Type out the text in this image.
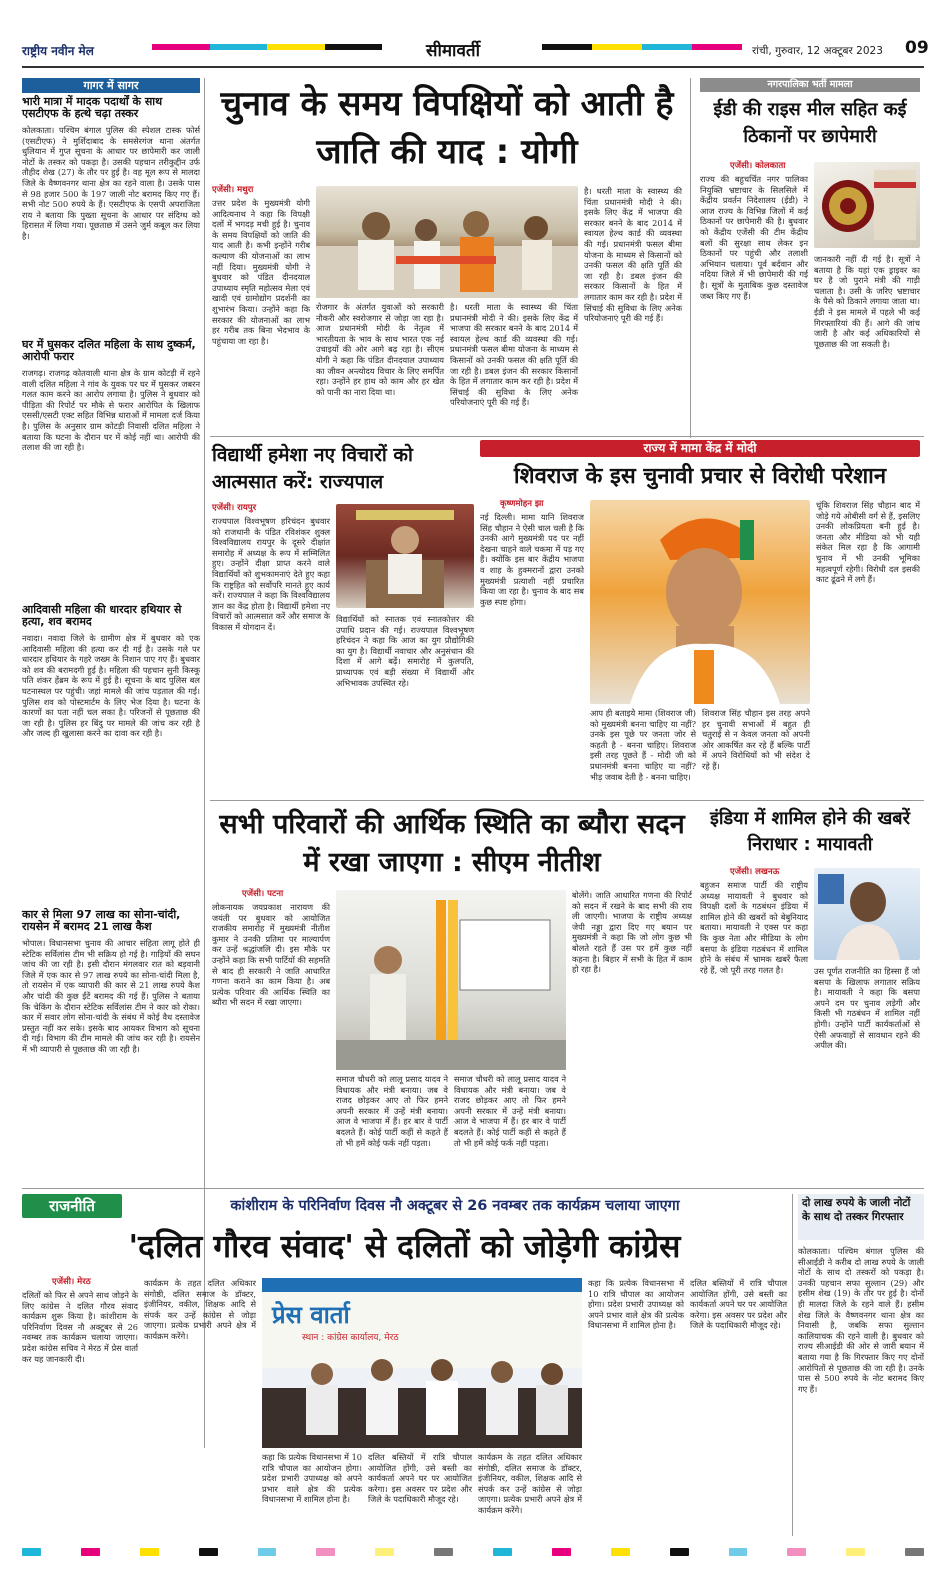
राष्ट्रीय नवीन मेल	सीमावर्ती	रांची, गुरुवार, 12 अक्टूबर 2023 09
गागर में सागर
भारी मात्रा में मादक पदार्थों के साथ एसटीएफ के हत्थे चढ़ा तस्कर
कोलकाता। पश्चिम बंगाल पुलिस की स्पेशल टास्क फोर्स (एसटीएफ) ने मुर्शिदाबाद के समसेरगंज थाना अंतर्गत धुलियान में गुप्त सूचना के आधार पर छापेमारी कर जाली नोटों के तस्कर को पकड़ा है। उसकी पहचान तरीकुद्दीन उर्फ तौहीद शेख (27) के तौर पर हुई है। वह मूल रूप से मालदा जिले के वैष्णवनगर थाना क्षेत्र का रहने वाला है। उसके पास से 98 हजार 500 के 197 जाली नोट बरामद किए गए हैं। सभी नोट 500 रुपये के हैं। एसटीएफ के एसपी अपराजिता राय ने बताया कि पुख्ता सूचना के आधार पर संदिग्ध को हिरासत में लिया गया। पूछताछ में उसने जुर्म कबूल कर लिया है।
घर में घुसकर दलित महिला के साथ दुष्कर्म, आरोपी फरार
राजगढ़। राजगढ़ कोतवाली थाना क्षेत्र के ग्राम कोटड़ी में रहने वाली दलित महिला ने गांव के युवक पर घर में घुसकर जबरन गलत काम करने का आरोप लगाया है। पुलिस ने बुधवार को पीड़िता की रिपोर्ट पर मौके से फरार आरोपित के खिलाफ एससी/एसटी एक्ट सहित विभिन्न धाराओं में मामला दर्ज किया है। पुलिस के अनुसार ग्राम कोटड़ी निवासी दलित महिला ने बताया कि घटना के दौरान घर में कोई नहीं था। आरोपी की तलाश की जा रही है।
आदिवासी महिला की धारदार हथियार से हत्या, शव बरामद
नवादा। नवादा जिले के ग्रामीण क्षेत्र में बुधवार को एक आदिवासी महिला की हत्या कर दी गई है। उसके गले पर धारदार हथियार के गहरे जख्म के निशान पाए गए हैं। बुधवार को शव की बरामदगी हुई है। महिला की पहचान सुनी किस्कू पति शंकर हेंब्रम के रूप में हुई है। सूचना के बाद पुलिस बल घटनास्थल पर पहुंची। जहां मामले की जांच पड़ताल की गई। पुलिस शव को पोस्टमार्टम के लिए भेज दिया है। घटना के कारणों का पता नहीं चल सका है। परिजनों से पूछताछ की जा रही है। पुलिस हर बिंदु पर मामले की जांच कर रही है और जल्द ही खुलासा करने का दावा कर रही है।
कार से मिला 97 लाख का सोना-चांदी, रायसेन में बरामद 21 लाख कैश
भोपाल। विधानसभा चुनाव की आचार संहिता लागू होते ही स्टेटिक सर्विलांस टीम भी सक्रिय हो गई है। गाड़ियों की सघन जांच की जा रही है। इसी दौरान मंगलवार रात को बड़वानी जिले में एक कार से 97 लाख रुपये का सोना-चांदी मिला है, तो रायसेन में एक व्यापारी की कार से 21 लाख रुपये कैश और चांदी की कुछ ईंटें बरामद की गई हैं। पुलिस ने बताया कि चेकिंग के दौरान स्टेटिक सर्विलांस टीम ने कार को रोका। कार में सवार लोग सोना-चांदी के संबंध में कोई वैध दस्तावेज प्रस्तुत नहीं कर सके। इसके बाद आयकर विभाग को सूचना दी गई। विभाग की टीम मामले की जांच कर रही है। रायसेन में भी व्यापारी से पूछताछ की जा रही है।
चुनाव के समय विपक्षियों को आती है जाति की याद : योगी
एजेंसी। मथुरा
उत्तर प्रदेश के मुख्यमंत्री योगी आदित्यनाथ ने कहा कि विपक्षी दलों में भगदड़ मची हुई है। चुनाव के समय विपक्षियों को जाति की याद आती है। कभी इन्होंने गरीब कल्याण की योजनाओं का लाभ नहीं दिया। मुख्यमंत्री योगी ने बुधवार को पंडित दीनदयाल उपाध्याय स्मृति महोत्सव मेला एवं खादी एवं ग्रामोद्योग प्रदर्शनी का शुभारंभ किया। उन्होंने कहा कि सरकार की योजनाओं का लाभ हर गरीब तक बिना भेदभाव के पहुंचाया जा रहा है।
रोजगार के अंतर्गत युवाओं को सरकारी नौकरी और स्वरोजगार से जोड़ा जा रहा है। आज प्रधानमंत्री मोदी के नेतृत्व में भारतीयता के भाव के साथ भारत एक नई उचाइयों की ओर आगे बढ़ रहा है। सीएम योगी ने कहा कि पंडित दीनदयाल उपाध्याय का जीवन अन्त्योदय विचार के लिए समर्पित रहा। उन्होंने हर हाथ को काम और हर खेत को पानी का नारा दिया था।
है। धरती माता के स्वास्थ्य की चिंता प्रधानमंत्री मोदी ने की। इसके लिए केंद्र में भाजपा की सरकार बनने के बाद 2014 में स्वायल हेल्थ कार्ड की व्यवस्था की गई। प्रधानमंत्री फसल बीमा योजना के माध्यम से किसानों को उनकी फसल की क्षति पूर्ति की जा रही है। डबल इंजन की सरकार किसानों के हित में लगातार काम कर रही है। प्रदेश में सिंचाई की सुविधा के लिए अनेक परियोजनाएं पूरी की गई हैं।
है। धरती माता के स्वास्थ्य की चिंता प्रधानमंत्री मोदी ने की। इसके लिए केंद्र में भाजपा की सरकार बनने के बाद 2014 में स्वायल हेल्थ कार्ड की व्यवस्था की गई। प्रधानमंत्री फसल बीमा योजना के माध्यम से किसानों को उनकी फसल की क्षति पूर्ति की जा रही है। डबल इंजन की सरकार किसानों के हित में लगातार काम कर रही है। प्रदेश में सिंचाई की सुविधा के लिए अनेक परियोजनाएं पूरी की गई हैं।
नगरपालिका भर्ती मामला
ईडी की राइस मील सहित कई ठिकानों पर छापेमारी
एजेंसी। कोलकाता
राज्य की बहुचर्चित नगर पालिका नियुक्ति भ्रष्टाचार के सिलसिले में केंद्रीय प्रवर्तन निदेशालय (ईडी) ने आज राज्य के विभिन्न जिलों में कई ठिकानों पर छापेमारी की है। बुधवार को केंद्रीय एजेंसी की टीम केंद्रीय बलों की सुरक्षा साथ लेकर इन ठिकानों पर पहुंची और तलाशी अभियान चलाया। पूर्व बर्दवान और नदिया जिले में भी छापेमारी की गई है। सूत्रों के मुताबिक कुछ दस्तावेज जब्त किए गए हैं।
जानकारी नहीं दी गई है। सूत्रों ने बताया है कि यहां एक ड्राइवर का घर है जो पुराने मंत्री की गाड़ी चलाता है। उसी के जरिए भ्रष्टाचार के पैसे को ठिकाने लगाया जाता था। ईडी ने इस मामले में पहले भी कई गिरफ्तारियां की हैं। आगे की जांच जारी है और कई अधिकारियों से पूछताछ की जा सकती है।
विद्यार्थी हमेशा नए विचारों को आत्मसात करें: राज्यपाल
एजेंसी। रायपुर
राज्यपाल विश्वभूषण हरिचंदन बुधवार को राजधानी के पंडित रविशंकर शुक्ल विश्वविद्यालय रायपुर के दूसरे दीक्षांत समारोह में अध्यक्ष के रूप में सम्मिलित हुए। उन्होंने दीक्षा प्राप्त करने वाले विद्यार्थियों को शुभकामनाएं देते हुए कहा कि राष्ट्रहित को सर्वोपरि मानते हुए कार्य करें। राज्यपाल ने कहा कि विश्वविद्यालय ज्ञान का केंद्र होता है। विद्यार्थी हमेशा नए विचारों को आत्मसात करें और समाज के विकास में योगदान दें।
विद्यार्थियों को स्नातक एवं स्नातकोत्तर की उपाधि प्रदान की गई। राज्यपाल विश्वभूषण हरिचंदन ने कहा कि आज का युग प्रौद्योगिकी का युग है। विद्यार्थी नवाचार और अनुसंधान की दिशा में आगे बढ़ें। समारोह में कुलपति, प्राध्यापक एवं बड़ी संख्या में विद्यार्थी और अभिभावक उपस्थित रहे।
राज्य में मामा केंद्र में मोदी
शिवराज के इस चुनावी प्रचार से विरोधी परेशान
कृष्णमोहन झा
नई दिल्ली। मामा यानि शिवराज सिंह चौहान ने ऐसी चाल चली है कि उनकी आगे मुख्यमंत्री पद पर नहीं देखना चाहने वाले चकमा में पड़ गए हैं। क्योंकि इस बार केंद्रीय भाजपा व शाह के हुक्मरानों द्वारा उनको मुख्यमंत्री प्रत्याशी नहीं प्रचारित किया जा रहा है। चुनाव के बाद सब कुछ स्पष्ट होगा।
आप ही बताइये मामा (शिवराज जी) को मुख्यमंत्री बनना चाहिए या नहीं? उनके इस पूछे पर जनता जोर से कहती है - बनना चाहिए। शिवराज इसी तरह पूछते हैं - मोदी जी को प्रधानमंत्री बनना चाहिए या नहीं? भीड़ जवाब देती है - बनना चाहिए।
शिवराज सिंह चौहान इस तरह अपने हर चुनावी सभाओं में बहुत ही चतुराई से न केवल जनता को अपनी ओर आकर्षित कर रहे हैं बल्कि पार्टी में अपने विरोधियों को भी संदेश दे रहे हैं।
चूंकि शिवराज सिंह चौहान बाद में जोड़े गये ओबीसी वर्ग से हैं, इसलिए उनकी लोकप्रियता बनी हुई है। जनता और मीडिया को भी यही संकेत मिल रहा है कि आगामी चुनाव में भी उनकी भूमिका महत्वपूर्ण रहेगी। विरोधी दल इसकी काट ढूंढने में लगे हैं।
सभी परिवारों की आर्थिक स्थिति का ब्यौरा सदन में रखा जाएगा : सीएम नीतीश
एजेंसी। पटना
लोकनायक जयप्रकाश नारायण की जयंती पर बुधवार को आयोजित राजकीय समारोह में मुख्यमंत्री नीतीश कुमार ने उनकी प्रतिमा पर माल्यार्पण कर उन्हें श्रद्धांजलि दी। इस मौके पर उन्होंने कहा कि सभी पार्टियों की सहमति से बाद ही सरकारी ने जाति आधारित गणना कराने का काम किया है। अब प्रत्येक परिवार की आर्थिक स्थिति का ब्यौरा भी सदन में रखा जाएगा।
समाज चौधरी को लालू प्रसाद यादव ने विधायक और मंत्री बनाया। जब वे राजद छोड़कर आए तो फिर हमने अपनी सरकार में उन्हें मंत्री बनाया। आज वे भाजपा में हैं। हर बार वे पार्टी बदलते हैं। कोई पार्टी कहीं से कहते हैं तो भी हमें कोई फर्क नहीं पड़ता।
समाज चौधरी को लालू प्रसाद यादव ने विधायक और मंत्री बनाया। जब वे राजद छोड़कर आए तो फिर हमने अपनी सरकार में उन्हें मंत्री बनाया। आज वे भाजपा में हैं। हर बार वे पार्टी बदलते हैं। कोई पार्टी कहीं से कहते हैं तो भी हमें कोई फर्क नहीं पड़ता।
बोलेंगे। जाति आधारित गणना की रिपोर्ट को सदन में रखने के बाद सभी की राय ली जाएगी। भाजपा के राष्ट्रीय अध्यक्ष जेपी नड्डा द्वारा दिए गए बयान पर मुख्यमंत्री ने कहा कि जो लोग कुछ भी बोलते रहते हैं उस पर हमें कुछ नहीं कहना है। बिहार में सभी के हित में काम हो रहा है।
इंडिया में शामिल होने की खबरें निराधार : मायावती
एजेंसी। लखनऊ
बहुजन समाज पार्टी की राष्ट्रीय अध्यक्ष मायावती ने बुधवार को विपक्षी दलों के गठबंधन इंडिया में शामिल होने की खबरों को बेबुनियाद बताया। मायावती ने एक्स पर कहा कि कुछ नेता और मीडिया के लोग बसपा के इंडिया गठबंधन में शामिल होने के संबंध में भ्रामक खबरें फैला रहे हैं, जो पूरी तरह गलत है।	उस पूर्णत राजनीति का हिस्सा हैं जो बसपा के खिलाफ लगातार सक्रिय है। मायावती ने कहा कि बसपा अपने दम पर चुनाव लड़ेगी और किसी भी गठबंधन में शामिल नहीं होगी। उन्होंने पार्टी कार्यकर्ताओं से ऐसी अफवाहों से सावधान रहने की अपील की।
राजनीति	कांशीराम के परिनिर्वाण दिवस नौ अक्टूबर से 26 नवम्बर तक कार्यक्रम चलाया जाएगा
'दलित गौरव संवाद' से दलितों को जोड़ेगी कांग्रेस
एजेंसी। मेरठ
दलितों को फिर से अपने साथ जोड़ने के लिए कांग्रेस ने दलित गौरव संवाद कार्यक्रम शुरू किया है। कांशीराम के परिनिर्वाण दिवस नौ अक्टूबर से 26 नवम्बर तक कार्यक्रम चलाया जाएगा। प्रदेश कांग्रेस सचिव ने मेरठ में प्रेस वार्ता कर यह जानकारी दी।
कार्यक्रम के तहत दलित अधिकार संगोष्ठी, दलित समाज के डॉक्टर, इंजीनियर, वकील, शिक्षक आदि से संपर्क कर उन्हें कांग्रेस से जोड़ा जाएगा। प्रत्येक प्रभारी अपने क्षेत्र में कार्यक्रम करेंगे।
प्रेस वार्ता
स्थान : कांग्रेस कार्यालय, मेरठ
कहा कि प्रत्येक विधानसभा में 10 रात्रि चौपाल का आयोजन होगा। प्रदेश प्रभारी उपाध्यक्ष को अपने प्रभार वाले क्षेत्र की प्रत्येक विधानसभा में शामिल होना है।
दलित बस्तियों में रात्रि चौपाल आयोजित होंगी, उसे बस्ती का कार्यकर्ता अपने घर पर आयोजित करेगा। इस अवसर पर प्रदेश और जिले के पदाधिकारी मौजूद रहे।
कार्यक्रम के तहत दलित अधिकार संगोष्ठी, दलित समाज के डॉक्टर, इंजीनियर, वकील, शिक्षक आदि से संपर्क कर उन्हें कांग्रेस से जोड़ा जाएगा। प्रत्येक प्रभारी अपने क्षेत्र में कार्यक्रम करेंगे।
कहा कि प्रत्येक विधानसभा में 10 रात्रि चौपाल का आयोजन होगा। प्रदेश प्रभारी उपाध्यक्ष को अपने प्रभार वाले क्षेत्र की प्रत्येक विधानसभा में शामिल होना है।
दलित बस्तियों में रात्रि चौपाल आयोजित होंगी, उसे बस्ती का कार्यकर्ता अपने घर पर आयोजित करेगा। इस अवसर पर प्रदेश और जिले के पदाधिकारी मौजूद रहे।
दो लाख रुपये के जाली नोटों के साथ दो तस्कर गिरफ्तार
कोलकाता। पश्चिम बंगाल पुलिस की सीआईडी ने करीब दो लाख रुपये के जाली नोटों के साथ दो तस्करों को पकड़ा है। उनकी पहचान सफा सुल्तान (29) और हसीम शेख (19) के तौर पर हुई है। दोनों ही मालदा जिले के रहने वाले हैं। हसीम शेख जिले के वैष्णवनगर थाना क्षेत्र का निवासी है, जबकि सफा सुल्तान कालियाचक की रहने वाली है। बुधवार को राज्य सीआईडी की ओर से जारी बयान में बताया गया है कि गिरफ्तार किए गए दोनों आरोपितों से पूछताछ की जा रही है। उनके पास से 500 रुपये के नोट बरामद किए गए हैं।
